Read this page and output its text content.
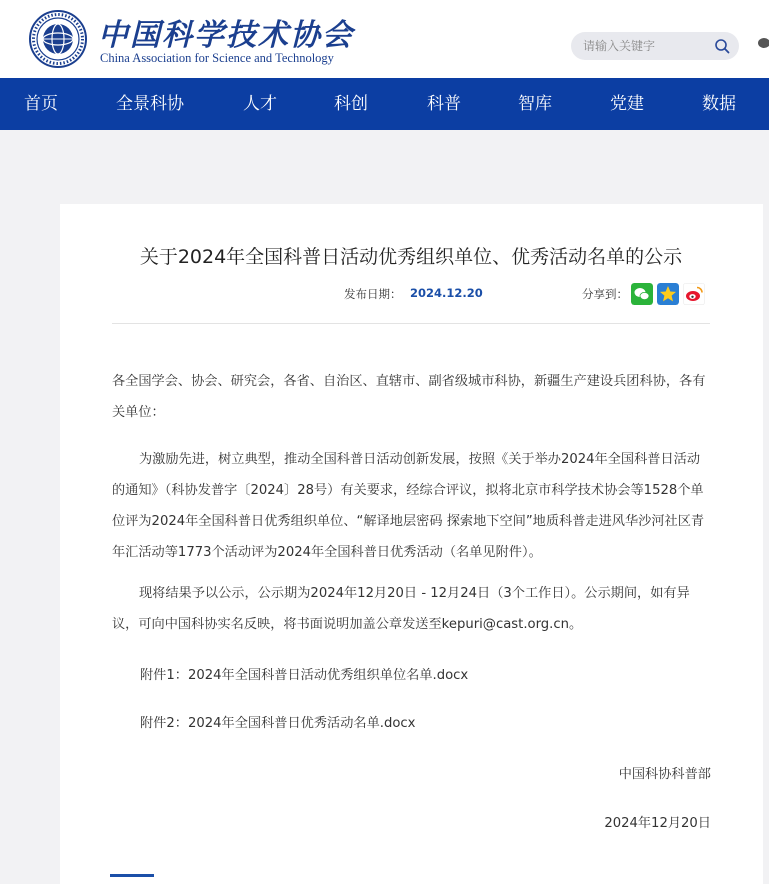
中国科学技术协会
China Association for Science and Technology
请输入关键字
首页	全景科协	人才	科创	科普	智库	党建	数据
关于2024年全国科普日活动优秀组织单位、优秀活动名单的公示
发布日期： 2024.12.20	分享到：
各全国学会、协会、研究会，各省、自治区、直辖市、副省级城市科协，新疆生产建设兵团科协，各有关单位：
为激励先进，树立典型，推动全国科普日活动创新发展，按照《关于举办2024年全国科普日活动的通知》（科协发普字〔2024〕28号）有关要求，经综合评议，拟将北京市科学技术协会等1528个单位评为2024年全国科普日优秀组织单位、“解译地层密码 探索地下空间”地质科普走进风华沙河社区青年汇活动等1773个活动评为2024年全国科普日优秀活动（名单见附件）。
现将结果予以公示，公示期为2024年12月20日 - 12月24日（3个工作日）。公示期间，如有异议，可向中国科协实名反映，将书面说明加盖公章发送至kepuri@cast.org.cn。
附件1：2024年全国科普日活动优秀组织单位名单.docx
附件2：2024年全国科普日优秀活动名单.docx
中国科协科普部
2024年12月20日
